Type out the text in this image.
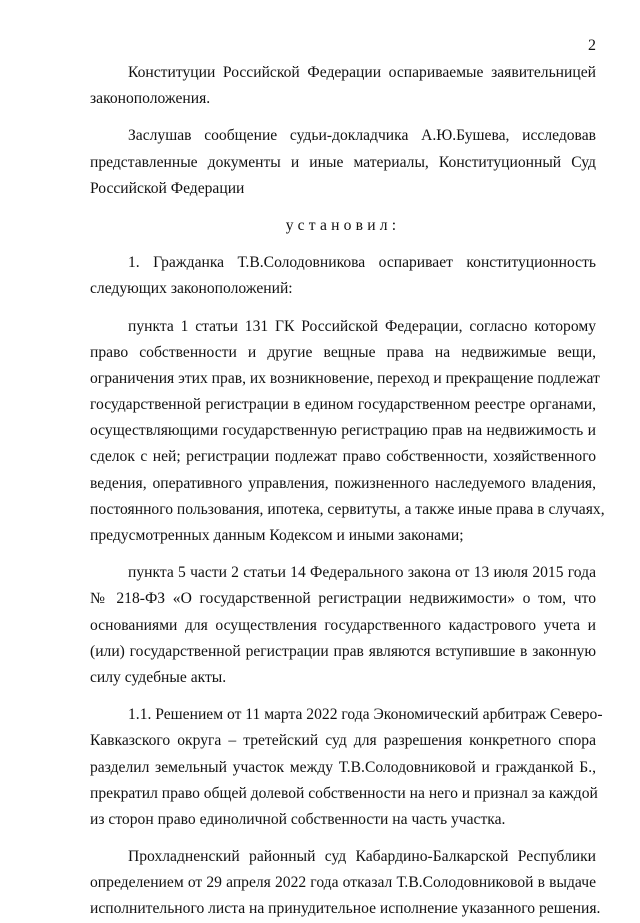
2
Конституции Российской Федерации оспариваемые заявительницей
законоположения.
Заслушав сообщение судьи-докладчика А.Ю.Бушева, исследовав
представленные документы и иные материалы, Конституционный Суд
Российской Федерации
установил:
1. Гражданка Т.В.Солодовникова оспаривает конституционность
следующих законоположений:
пункта 1 статьи 131 ГК Российской Федерации, согласно которому
право собственности и другие вещные права на недвижимые вещи,
ограничения этих прав, их возникновение, переход и прекращение подлежат
государственной регистрации в едином государственном реестре органами,
осуществляющими государственную регистрацию прав на недвижимость и
сделок с ней; регистрации подлежат право собственности, хозяйственного
ведения, оперативного управления, пожизненного наследуемого владения,
постоянного пользования, ипотека, сервитуты, а также иные права в случаях,
предусмотренных данным Кодексом и иными законами;
пункта 5 части 2 статьи 14 Федерального закона от 13 июля 2015 года
№ 218-ФЗ «О государственной регистрации недвижимости» о том, что
основаниями для осуществления государственного кадастрового учета и
(или) государственной регистрации прав являются вступившие в законную
силу судебные акты.
1.1. Решением от 11 марта 2022 года Экономический арбитраж Северо-
Кавказского округа – третейский суд для разрешения конкретного спора
разделил земельный участок между Т.В.Солодовниковой и гражданкой Б.,
прекратил право общей долевой собственности на него и признал за каждой
из сторон право единоличной собственности на часть участка.
Прохладненский районный суд Кабардино-Балкарской Республики
определением от 29 апреля 2022 года отказал Т.В.Солодовниковой в выдаче
исполнительного листа на принудительное исполнение указанного решения.
